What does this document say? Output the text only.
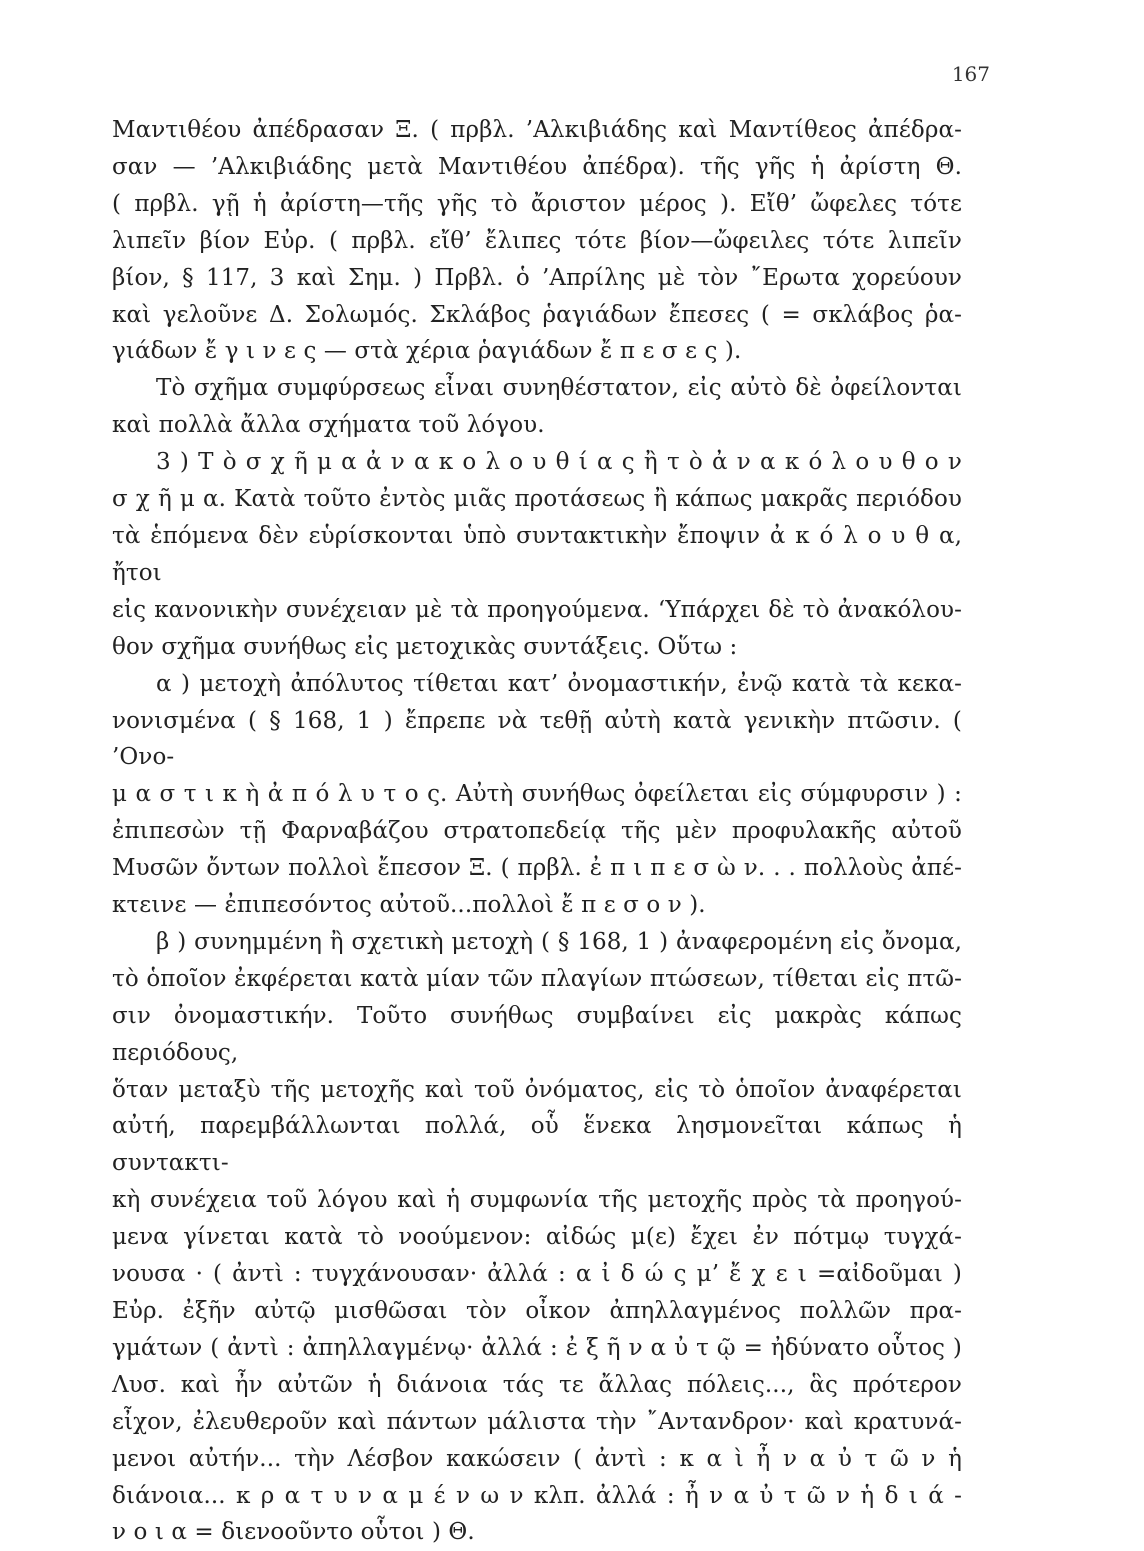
167

Μαντιθέου ἀπέδρασαν Ξ. ( πρβλ. ’Αλκιβιάδης καὶ Μαντίθεος ἀπέδρα-

σαν — ’Αλκιβιάδης μετὰ Μαντιθέου ἀπέδρα). τῆς γῆς ἡ ἀρίστη Θ.

( πρβλ. γῇ ἡ ἀρίστη—τῆς γῆς τὸ ἄριστον μέρος ). Εἴθ’ ὤφελες τότε

λιπεῖν βίον Εὐρ. ( πρβλ. εἴθ’ ἔλιπες τότε βίον—ὤφειλες τότε λιπεῖν

βίον, § 117, 3 καὶ Σημ. ) Πρβλ. ὁ ’Απρίλης μὲ τὸν ῎Ερωτα χορεύουν

καὶ γελοῦνε Δ. Σολωμός. Σκλάβος ῥαγιάδων ἔπεσες ( = σκλάβος ῥα-

γιάδων ἔ γ ι ν ε ς — στὰ χέρια ῥαγιάδων ἔ π ε σ ε ς ).

Τὸ σχῆμα συμφύρσεως εἶναι συνηθέστατον, εἰς αὐτὸ δὲ ὀφείλονται

καὶ πολλὰ ἄλλα σχήματα τοῦ λόγου.

3 ) Τ ὸ σ χ ῆ μ α ἀ ν α κ ο λ ο υ θ ί α ς ἢ τ ὸ ἀ ν α κ ό λ ο υ θ ο ν

σ χ ῆ μ α. Κατὰ τοῦτο ἐντὸς μιᾶς προτάσεως ἢ κάπως μακρᾶς περιόδου

τὰ ἑπόμενα δὲν εὑρίσκονται ὑπὸ συντακτικὴν ἔποψιν ἀ κ ό λ ο υ θ α, ἤτοι

εἰς κανονικὴν συνέχειαν μὲ τὰ προηγούμενα. ‘Υπάρχει δὲ τὸ ἀνακόλου-

θον σχῆμα συνήθως εἰς μετοχικὰς συντάξεις. Οὕτω :

α ) μετοχὴ ἀπόλυτος τίθεται κατ’ ὀνομαστικήν, ἐνῷ κατὰ τὰ κεκα-

νονισμένα ( § 168, 1 ) ἔπρεπε νὰ τεθῇ αὐτὴ κατὰ γενικὴν πτῶσιν. ( ’Ονο-

μ α σ τ ι κ ὴ ἀ π ό λ υ τ ο ς. Αὐτὴ συνήθως ὀφείλεται εἰς σύμφυρσιν ) :

ἐπιπεσὼν τῇ Φαρναβάζου στρατοπεδείᾳ τῆς μὲν προφυλακῆς αὐτοῦ

Μυσῶν ὄντων πολλοὶ ἔπεσον Ξ. ( πρβλ. ἐ π ι π ε σ ὼ ν. . . πολλοὺς ἀπέ-

κτεινε — ἐπιπεσόντος αὐτοῦ...πολλοὶ ἔ π ε σ ο ν ).

β ) συνημμένη ἢ σχετικὴ μετοχὴ ( § 168, 1 ) ἀναφερομένη εἰς ὄνομα,

τὸ ὁποῖον ἐκφέρεται κατὰ μίαν τῶν πλαγίων πτώσεων, τίθεται εἰς πτῶ-

σιν ὀνομαστικήν. Τοῦτο συνήθως συμβαίνει εἰς μακρὰς κάπως περιόδους,

ὅταν μεταξὺ τῆς μετοχῆς καὶ τοῦ ὀνόματος, εἰς τὸ ὁποῖον ἀναφέρεται

αὐτή, παρεμβάλλωνται πολλά, οὗ ἕνεκα λησμονεῖται κάπως ἡ συντακτι-

κὴ συνέχεια τοῦ λόγου καὶ ἡ συμφωνία τῆς μετοχῆς πρὸς τὰ προηγού-

μενα γίνεται κατὰ τὸ νοούμενον: αἰδώς μ(ε) ἔχει ἐν πότμῳ τυγχά-

νουσα · ( ἀντὶ : τυγχάνουσαν· ἀλλά : α ἰ δ ώ ς μ’ ἔ χ ε ι =αἰδοῦμαι )

Εὐρ. ἐξῆν αὐτῷ μισθῶσαι τὸν οἶκον ἀπηλλαγμένος πολλῶν πρα-

γμάτων ( ἀντὶ : ἀπηλλαγμένῳ· ἀλλά : ἐ ξ ῆ ν α ὐ τ ῷ = ἠδύνατο οὗτος )

Λυσ. καὶ ἦν αὐτῶν ἡ διάνοια τάς τε ἄλλας πόλεις..., ἃς πρότερον

εἶχον, ἐλευθεροῦν καὶ πάντων μάλιστα τὴν ῎Αντανδρον· καὶ κρατυνά-

μενοι αὐτήν... τὴν Λέσβον κακώσειν ( ἀντὶ : κ α ὶ ἦ ν α ὐ τ ῶ ν ἡ

διάνοια... κ ρ α τ υ ν α μ έ ν ω ν κλπ. ἀλλά : ἦ ν α ὐ τ ῶ ν ἡ δ ι ά -

ν ο ι α = διενοοῦντο οὗτοι ) Θ.
